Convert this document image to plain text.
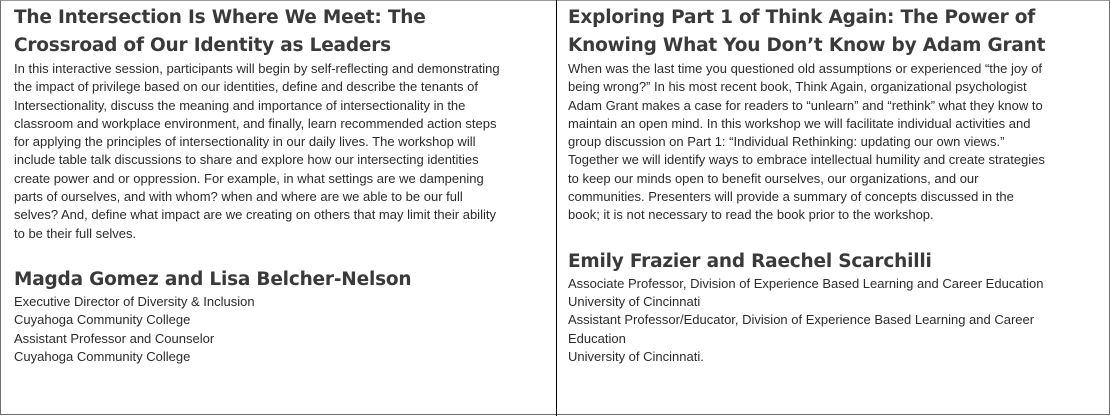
The Intersection Is Where We Meet: The
Crossroad of Our Identity as Leaders

In this interactive session, participants will begin by self-reflecting and demonstrating the impact of privilege based on our identities, define and describe the tenants of Intersectionality, discuss the meaning and importance of intersectionality in the classroom and workplace environment, and finally, learn recommended action steps for applying the principles of intersectionality in our daily lives. The workshop will include table talk discussions to share and explore how our intersecting identities create power and or oppression. For example, in what settings are we dampening parts of ourselves, and with whom? when and where are we able to be our full selves? And, define what impact are we creating on others that may limit their ability to be their full selves.

Magda Gomez and Lisa Belcher-Nelson
Executive Director of Diversity & Inclusion
Cuyahoga Community College
Assistant Professor and Counselor
Cuyahoga Community College
Exploring Part 1 of Think Again: The Power of
Knowing What You Don’t Know by Adam Grant

When was the last time you questioned old assumptions or experienced “the joy of being wrong?” In his most recent book, Think Again, organizational psychologist Adam Grant makes a case for readers to “unlearn” and “rethink” what they know to maintain an open mind. In this workshop we will facilitate individual activities and group discussion on Part 1: “Individual Rethinking: updating our own views.” Together we will identify ways to embrace intellectual humility and create strategies to keep our minds open to benefit ourselves, our organizations, and our communities. Presenters will provide a summary of concepts discussed in the book; it is not necessary to read the book prior to the workshop.

Emily Frazier and Raechel Scarchilli
Associate Professor, Division of Experience Based Learning and Career Education
University of Cincinnati
Assistant Professor/Educator, Division of Experience Based Learning and Career Education
University of Cincinnati.
